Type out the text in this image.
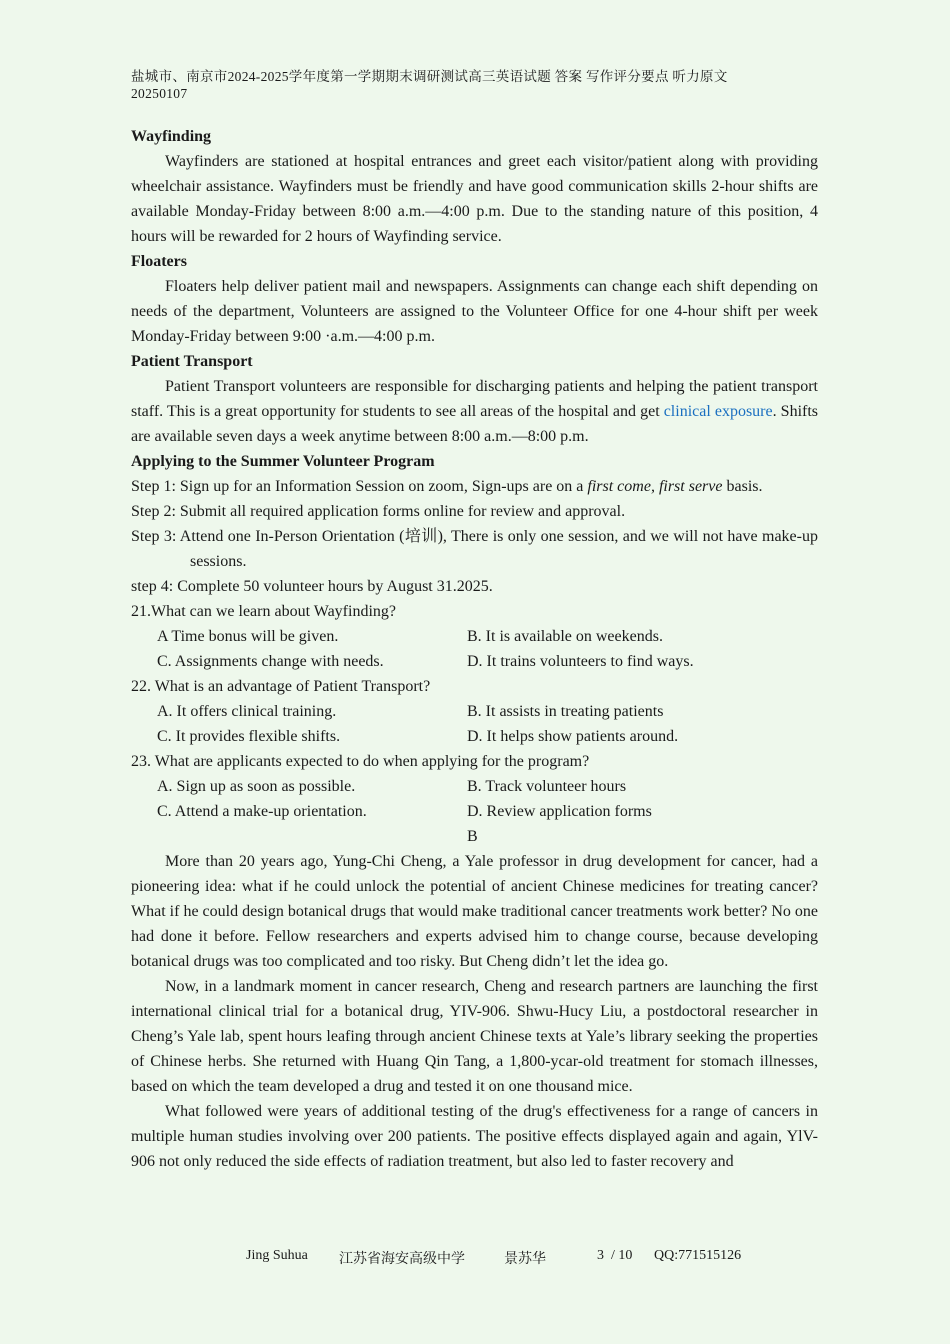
盐城市、南京市2024-2025学年度第一学期期末调研测试高三英语试题 答案 写作评分要点 听力原文
20250107
Wayfinding

Wayfinders are stationed at hospital entrances and greet each visitor/patient along with providing wheelchair assistance. Wayfinders must be friendly and have good communication skills 2-hour shifts are available Monday-Friday between 8:00 a.m.—4:00 p.m. Due to the standing nature of this position, 4 hours will be rewarded for 2 hours of Wayfinding service.

Floaters

Floaters help deliver patient mail and newspapers. Assignments can change each shift depending on needs of the department, Volunteers are assigned to the Volunteer Office for one 4-hour shift per week Monday-Friday between 9:00 ·a.m.—4:00 p.m.

Patient Transport

Patient Transport volunteers are responsible for discharging patients and helping the patient transport staff. This is a great opportunity for students to see all areas of the hospital and get clinical exposure. Shifts are available seven days a week anytime between 8:00 a.m.—8:00 p.m.

Applying to the Summer Volunteer Program
Step 1: Sign up for an Information Session on zoom, Sign-ups are on a first come, first serve basis.
Step 2: Submit all required application forms online for review and approval.
Step 3: Attend one In-Person Orientation (培训), There is only one session, and we will not have make-up sessions.
step 4: Complete 50 volunteer hours by August 31.2025.
21.What can we learn about Wayfinding?
A Time bonus will be given.	B. It is available on weekends.
C. Assignments change with needs.	D. It trains volunteers to find ways.
22. What is an advantage of Patient Transport?
A. It offers clinical training.	B. It assists in treating patients
C. It provides flexible shifts.	D. It helps show patients around.
23. What are applicants expected to do when applying for the program?
A. Sign up as soon as possible.	B. Track volunteer hours
C. Attend a make-up orientation.	D. Review application forms
B

More than 20 years ago, Yung-Chi Cheng, a Yale professor in drug development for cancer, had a pioneering idea: what if he could unlock the potential of ancient Chinese medicines for treating cancer? What if he could design botanical drugs that would make traditional cancer treatments work better? No one had done it before. Fellow researchers and experts advised him to change course, because developing botanical drugs was too complicated and too risky. But Cheng didn’t let the idea go.

Now, in a landmark moment in cancer research, Cheng and research partners are launching the first international clinical trial for a botanical drug, YIV-906. Shwu-Hucy Liu, a postdoctoral researcher in Cheng’s Yale lab, spent hours leafing through ancient Chinese texts at Yale’s library seeking the properties of Chinese herbs. She returned with Huang Qin Tang, a 1,800-ycar-old treatment for stomach illnesses, based on which the team developed a drug and tested it on one thousand mice.

What followed were years of additional testing of the drug's effectiveness for a range of cancers in multiple human studies involving over 200 patients. The positive effects displayed again and again, YlV-906 not only reduced the side effects of radiation treatment, but also led to faster recovery and

Jing Suhua 江苏省海安高级中学	景苏华	3  / 10 QQ:771515126
